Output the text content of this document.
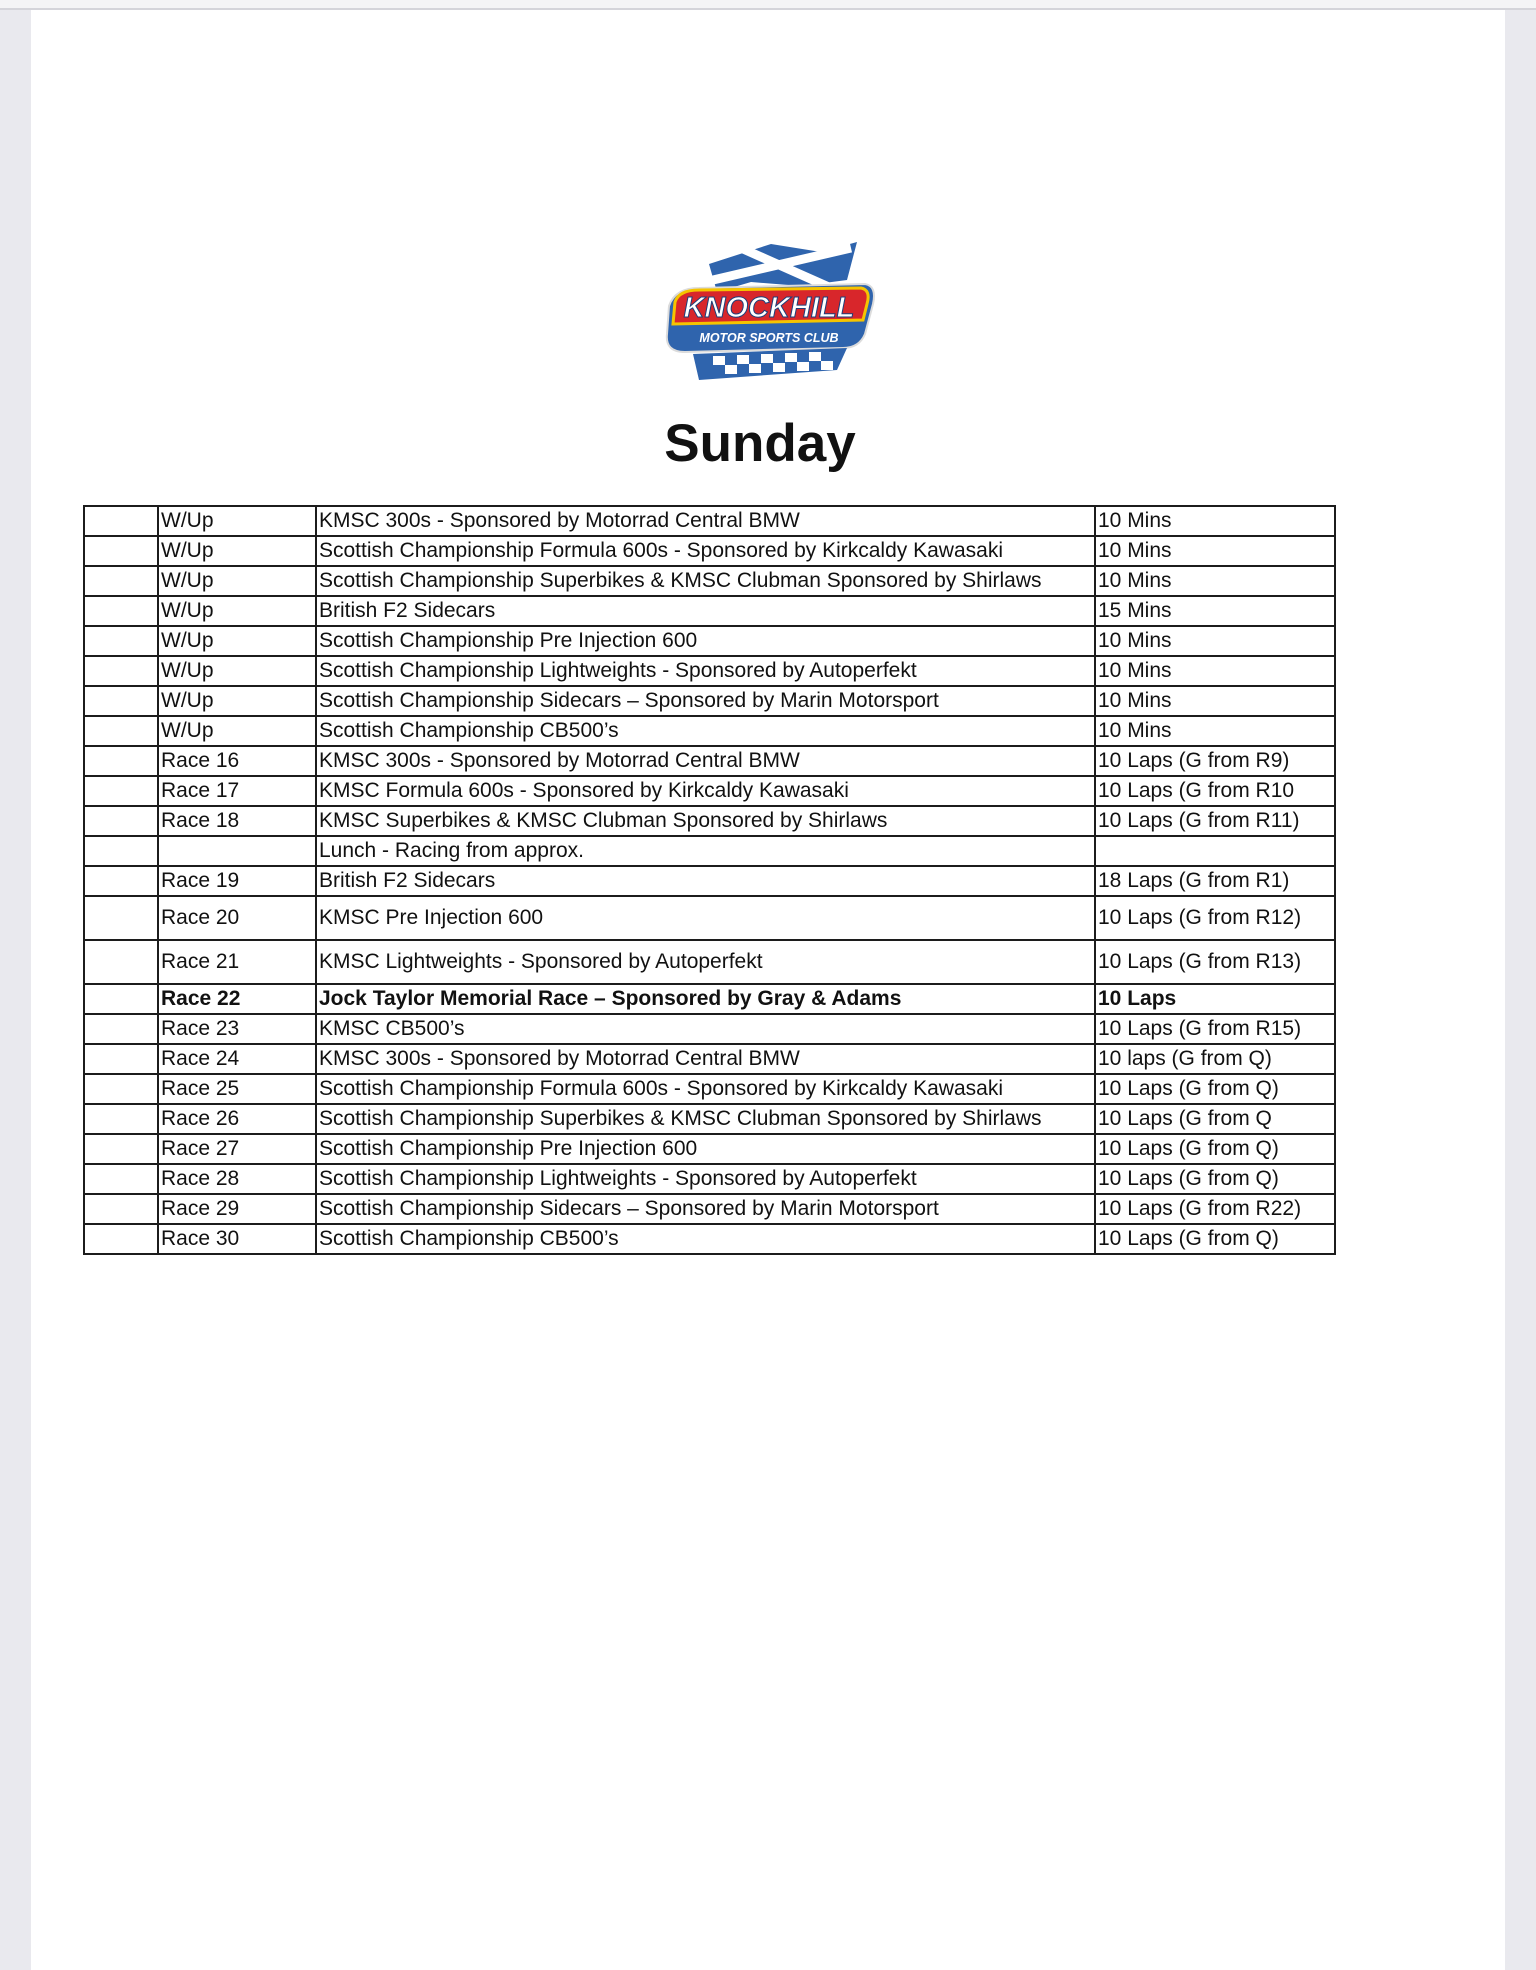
KNOCKHILL
MOTOR SPORTS CLUB
Sunday
	W/Up	KMSC 300s - Sponsored by Motorrad Central BMW	10 Mins
	W/Up	Scottish Championship Formula 600s - Sponsored by Kirkcaldy Kawasaki	10 Mins
	W/Up	Scottish Championship Superbikes & KMSC Clubman Sponsored by Shirlaws	10 Mins
	W/Up	British F2 Sidecars	15 Mins
	W/Up	Scottish Championship Pre Injection 600	10 Mins
	W/Up	Scottish Championship Lightweights - Sponsored by Autoperfekt	10 Mins
	W/Up	Scottish Championship Sidecars – Sponsored by Marin Motorsport	10 Mins
	W/Up	Scottish Championship CB500’s	10 Mins
	Race 16	KMSC 300s - Sponsored by Motorrad Central BMW	10 Laps (G from R9)
	Race 17	KMSC Formula 600s - Sponsored by Kirkcaldy Kawasaki	10 Laps (G from R10
	Race 18	KMSC Superbikes & KMSC Clubman Sponsored by Shirlaws	10 Laps (G from R11)
		Lunch - Racing from approx.	
	Race 19	British F2 Sidecars	18 Laps (G from R1)
	Race 20	KMSC Pre Injection 600	10 Laps (G from R12)
	Race 21	KMSC Lightweights - Sponsored by Autoperfekt	10 Laps (G from R13)
	Race 22	Jock Taylor Memorial Race – Sponsored by Gray & Adams	10 Laps
	Race 23	KMSC CB500’s	10 Laps (G from R15)
	Race 24	KMSC 300s - Sponsored by Motorrad Central BMW	10 laps (G from Q)
	Race 25	Scottish Championship Formula 600s - Sponsored by Kirkcaldy Kawasaki	10 Laps (G from Q)
	Race 26	Scottish Championship Superbikes & KMSC Clubman Sponsored by Shirlaws	10 Laps (G from Q
	Race 27	Scottish Championship Pre Injection 600	10 Laps (G from Q)
	Race 28	Scottish Championship Lightweights - Sponsored by Autoperfekt	10 Laps (G from Q)
	Race 29	Scottish Championship Sidecars – Sponsored by Marin Motorsport	10 Laps (G from R22)
	Race 30	Scottish Championship CB500’s	10 Laps (G from Q)
